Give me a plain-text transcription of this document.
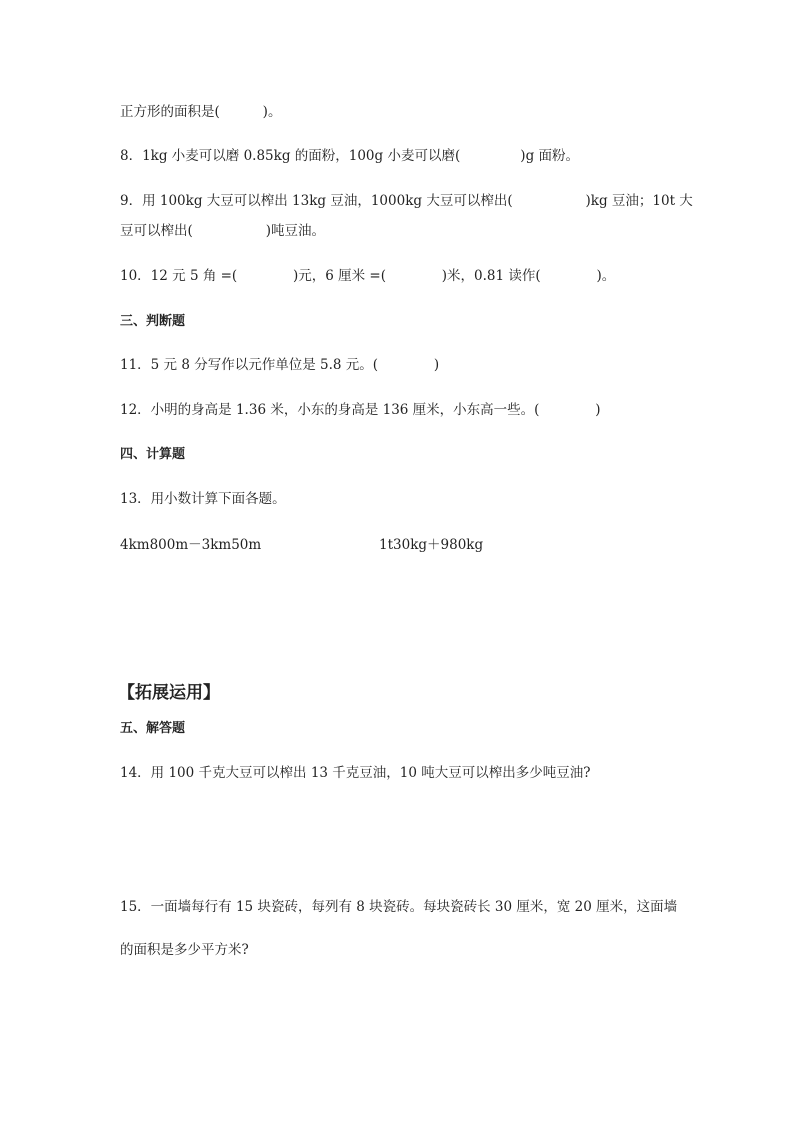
正方形的面积是(          )。

8．1kg 小麦可以磨 0.85kg 的面粉，100g 小麦可以磨(              )g 面粉。

9．用 100kg 大豆可以榨出 13kg 豆油，1000kg 大豆可以榨出(                 )kg 豆油；10t 大

豆可以榨出(                 )吨豆油。

10．12 元 5 角 =(             )元，6 厘米 =(             )米，0.81 读作(             )。

三、判断题

11．5 元 8 分写作以元作单位是 5.8 元。(             )

12．小明的身高是 1.36 米，小东的身高是 136 厘米，小东高一些。(             )

四、计算题

13．用小数计算下面各题。

4km800m－3km50m	1t30kg＋980kg

【拓展运用】

五、解答题

14．用 100 千克大豆可以榨出 13 千克豆油，10 吨大豆可以榨出多少吨豆油?

15．一面墙每行有 15 块瓷砖，每列有 8 块瓷砖。每块瓷砖长 30 厘米，宽 20 厘米，这面墙

的面积是多少平方米?
